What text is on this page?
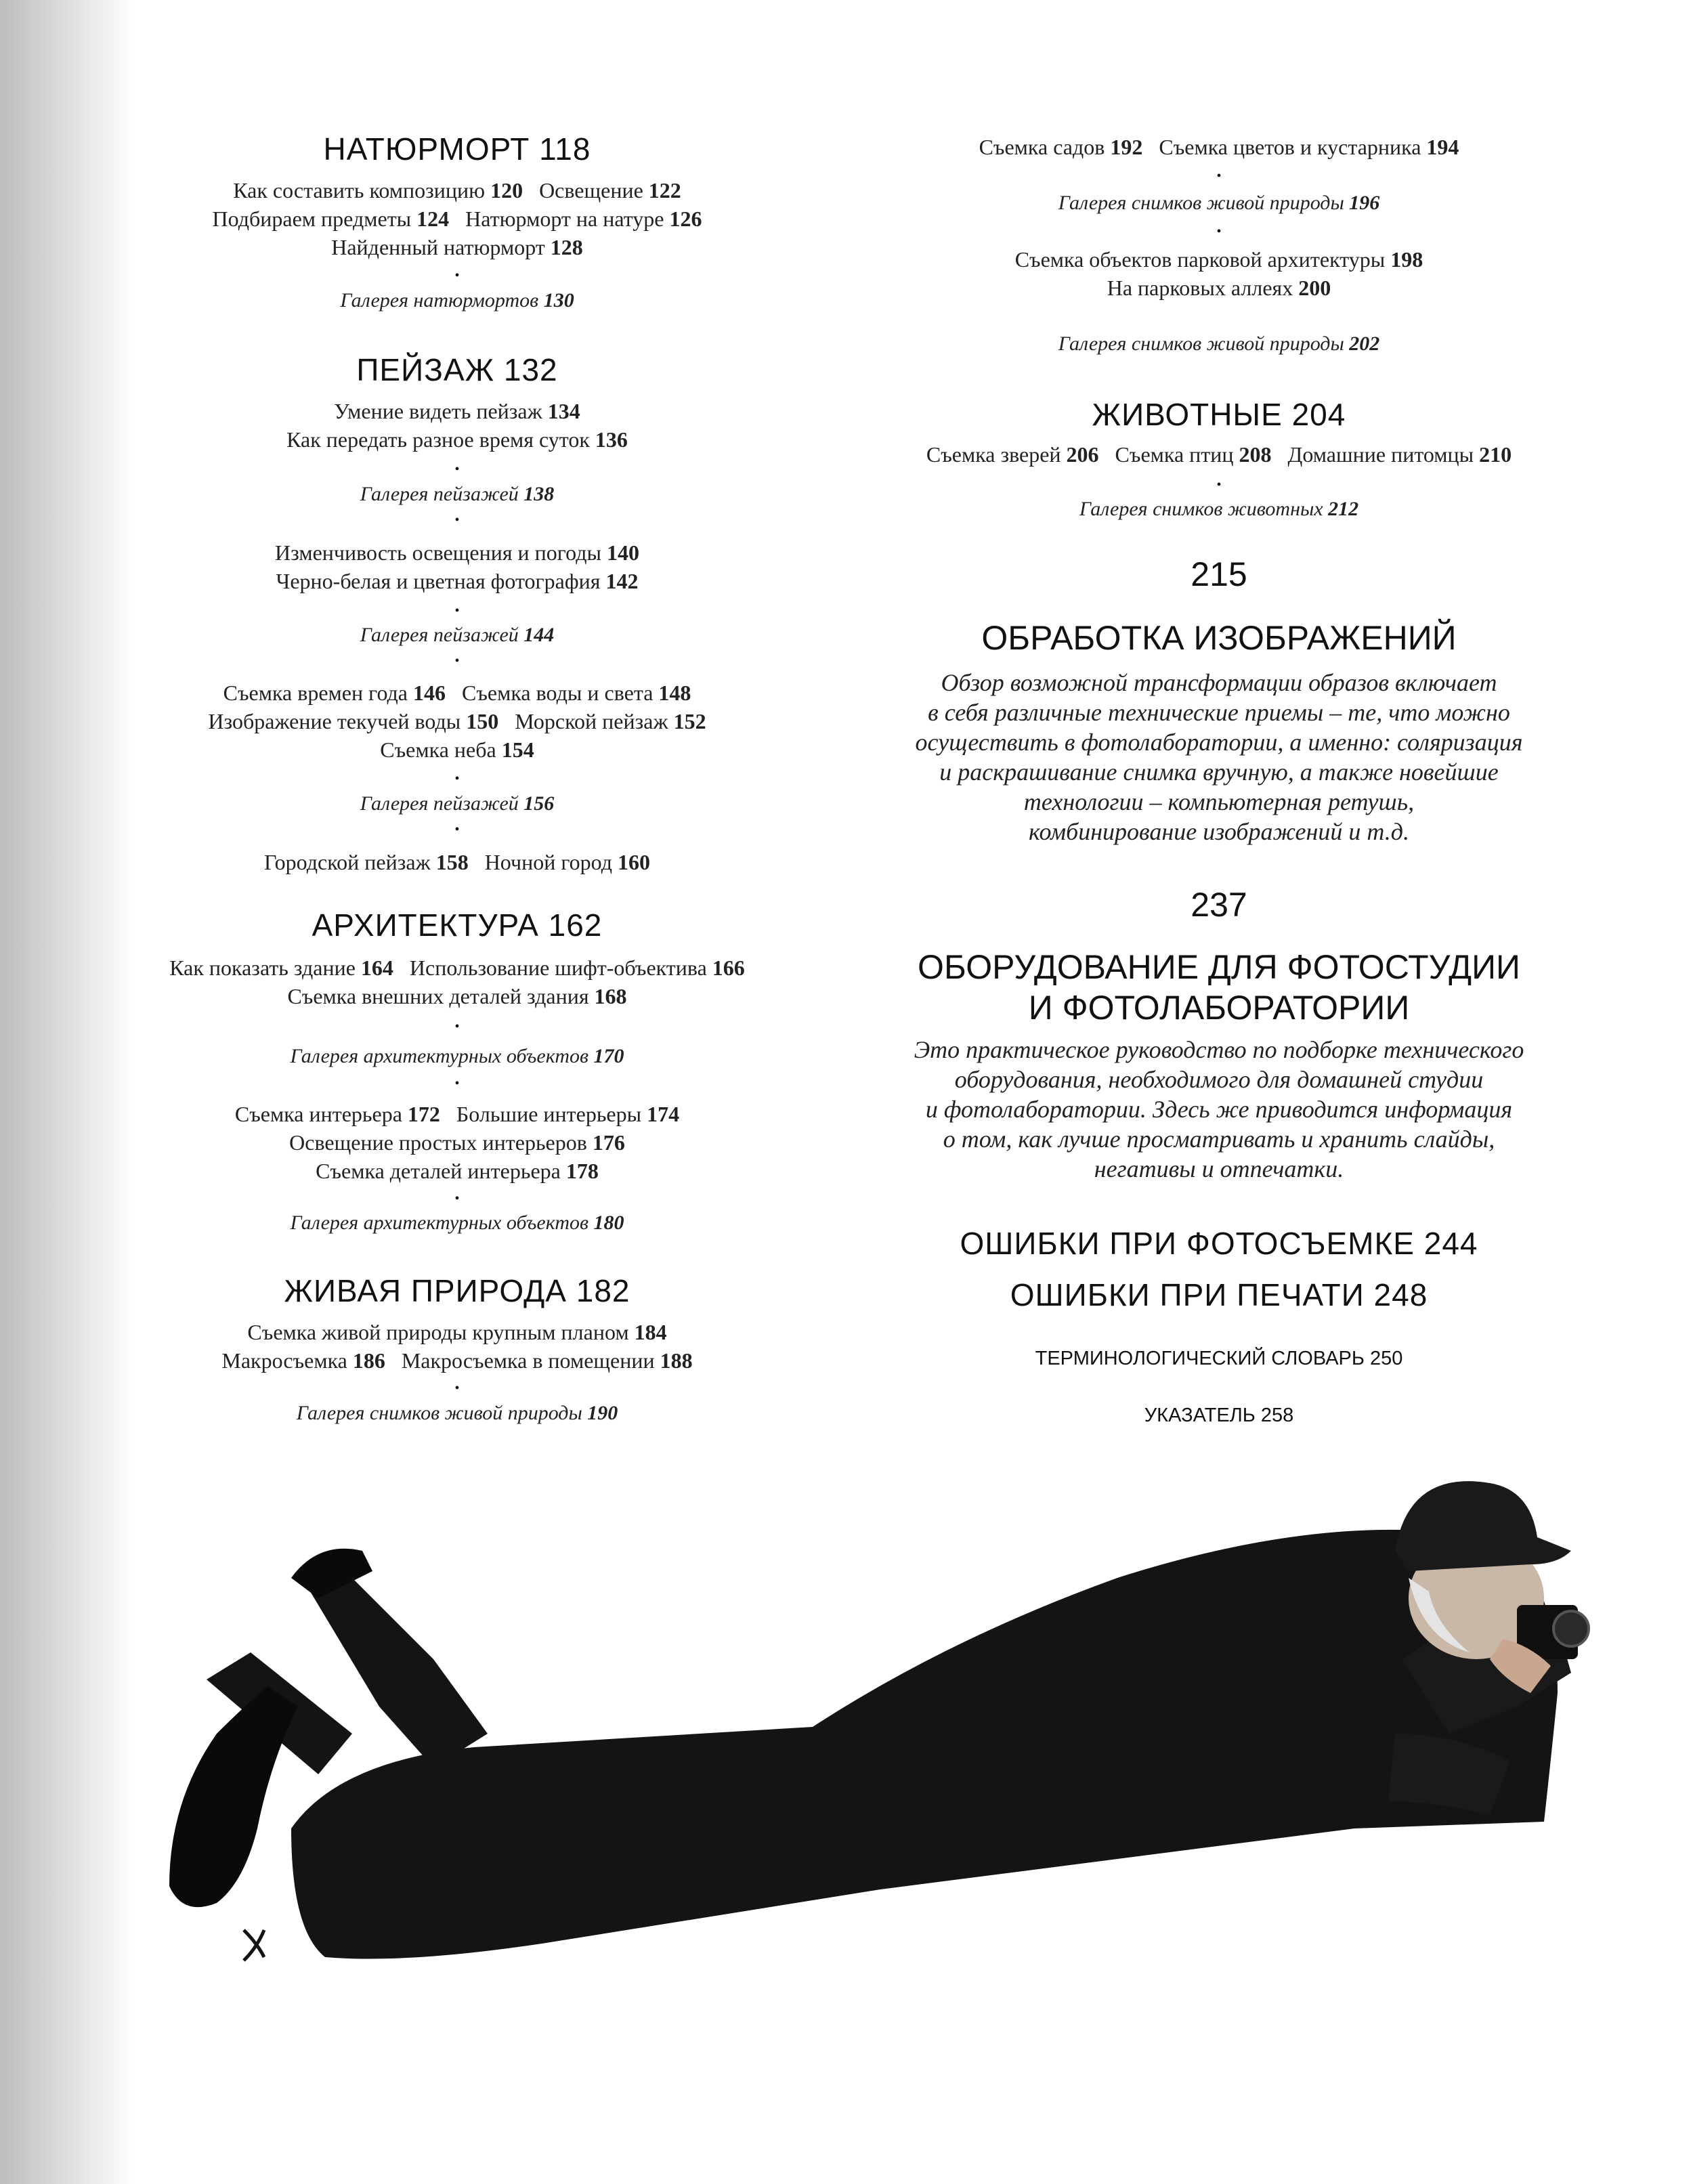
НАТЮРМОРТ 118
Как составить композицию 120 Освещение 122
Подбираем предметы 124 Натюрморт на натуре 126
Найденный натюрморт 128
•
Галерея натюрмортов 130
ПЕЙЗАЖ 132
Умение видеть пейзаж 134
Как передать разное время суток 136
•
Галерея пейзажей 138
•
Изменчивость освещения и погоды 140
Черно-белая и цветная фотография 142
•
Галерея пейзажей 144
•
Съемка времен года 146 Съемка воды и света 148
Изображение текучей воды 150 Морской пейзаж 152
Съемка неба 154
•
Галерея пейзажей 156
•
Городской пейзаж 158 Ночной город 160
АРХИТЕКТУРА 162
Как показать здание 164 Использование шифт-объектива 166
Съемка внешних деталей здания 168
•
Галерея архитектурных объектов 170
•
Съемка интерьера 172 Большие интерьеры 174
Освещение простых интерьеров 176
Съемка деталей интерьера 178
•
Галерея архитектурных объектов 180
ЖИВАЯ ПРИРОДА 182
Съемка живой природы крупным планом 184
Макросъемка 186 Макросъемка в помещении 188
•
Галерея снимков живой природы 190
Съемка садов 192 Съемка цветов и кустарника 194
•
Галерея снимков живой природы 196
•
Съемка объектов парковой архитектуры 198
На парковых аллеях 200
Галерея снимков живой природы 202
ЖИВОТНЫЕ 204
Съемка зверей 206 Съемка птиц 208 Домашние питомцы 210
•
Галерея снимков животных 212
215
ОБРАБОТКА ИЗОБРАЖЕНИЙ
Обзор возможной трансформации образов включает
в себя различные технические приемы – те, что можно
осуществить в фотолаборатории, а именно: соляризация
и раскрашивание снимка вручную, а также новейшие
технологии – компьютерная ретушь,
комбинирование изображений и т.д.
237
ОБОРУДОВАНИЕ ДЛЯ ФОТОСТУДИИ
И ФОТОЛАБОРАТОРИИ
Это практическое руководство по подборке технического
оборудования, необходимого для домашней студии
и фотолаборатории. Здесь же приводится информация
о том, как лучше просматривать и хранить слайды,
негативы и отпечатки.
ОШИБКИ ПРИ ФОТОСЪЕМКЕ 244
ОШИБКИ ПРИ ПЕЧАТИ 248
ТЕРМИНОЛОГИЧЕСКИЙ СЛОВАРЬ 250
УКАЗАТЕЛЬ 258
